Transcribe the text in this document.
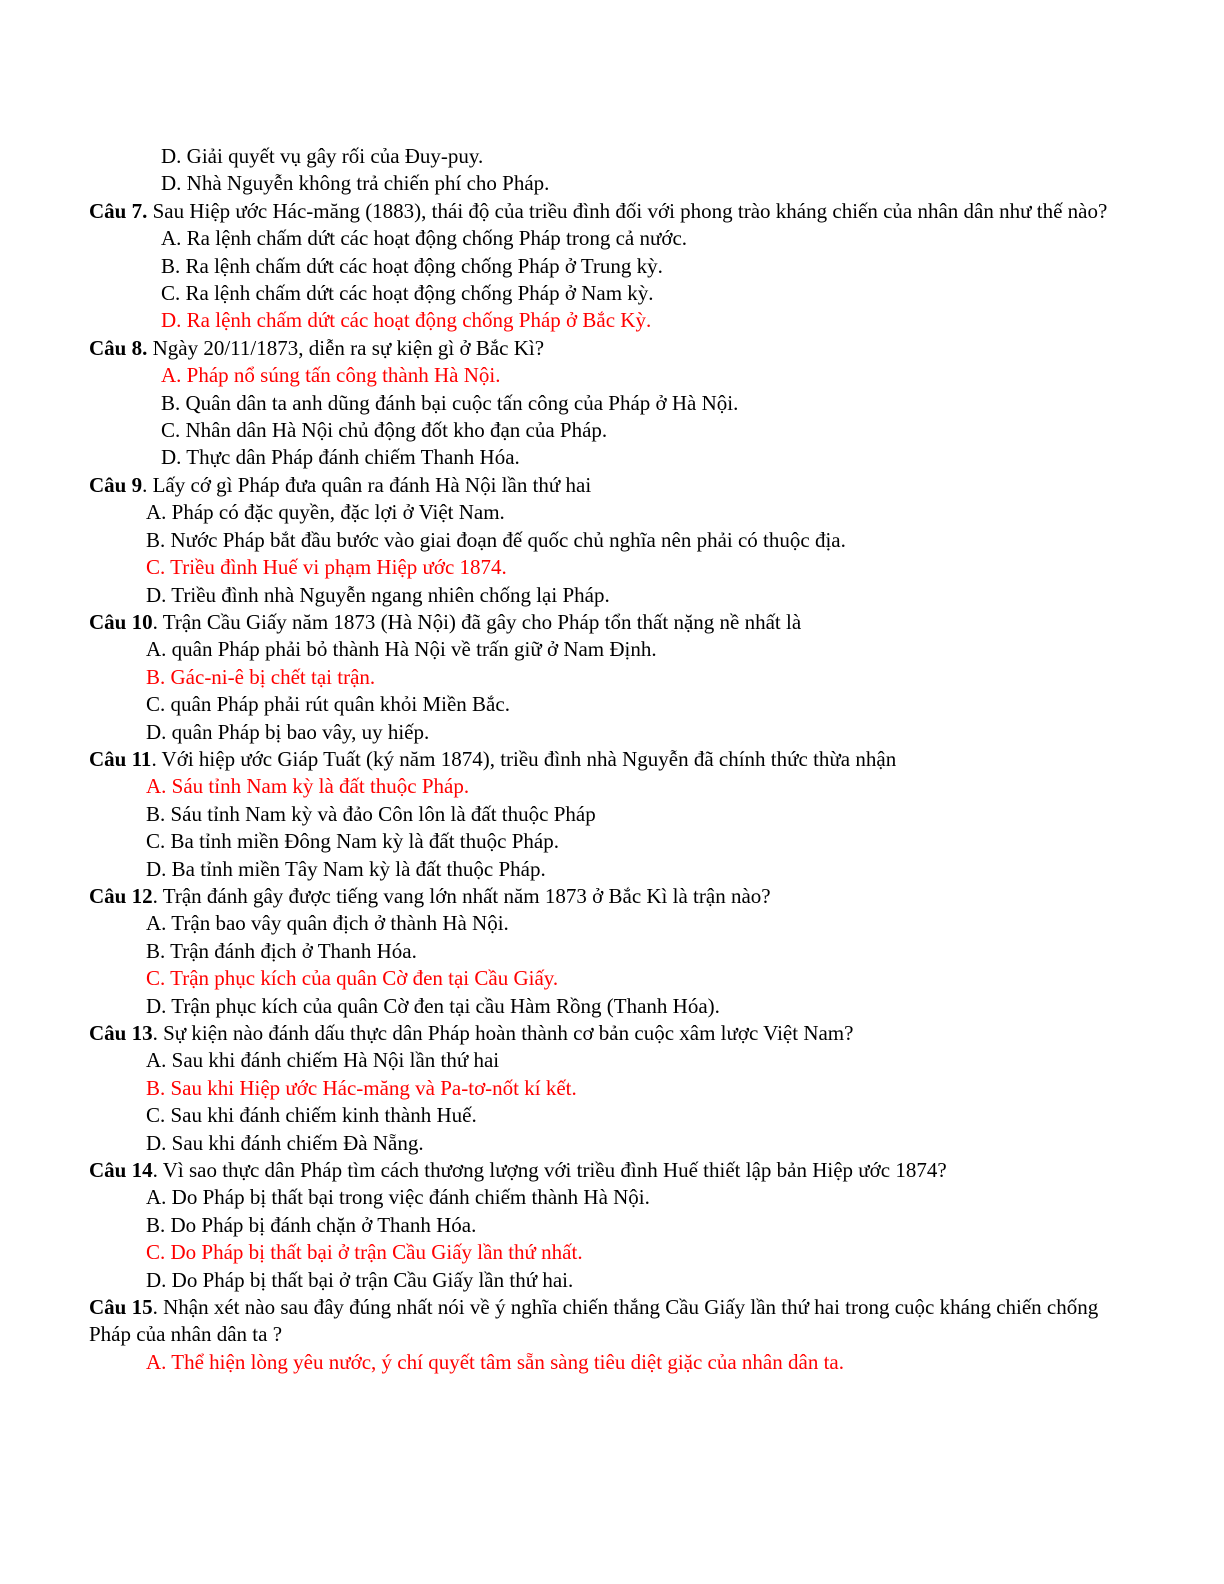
D. Giải quyết vụ gây rối của Đuy-puy.
D. Nhà Nguyễn không trả chiến phí cho Pháp.
Câu 7. Sau Hiệp ước Hác-măng (1883), thái độ của triều đình đối với phong trào kháng chiến của nhân dân như thế nào?
A. Ra lệnh chấm dứt các hoạt động chống Pháp trong cả nước.
B. Ra lệnh chấm dứt các hoạt động chống Pháp ở Trung kỳ.
C. Ra lệnh chấm dứt các hoạt động chống Pháp ở Nam kỳ.
D. Ra lệnh chấm dứt các hoạt động chống Pháp ở Bắc Kỳ.
Câu 8. Ngày 20/11/1873, diễn ra sự kiện gì ở Bắc Kì?
A. Pháp nổ súng tấn công thành Hà Nội.
B. Quân dân ta anh dũng đánh bại cuộc tấn công của Pháp ở Hà Nội.
C. Nhân dân Hà Nội chủ động đốt kho đạn của Pháp.
D. Thực dân Pháp đánh chiếm Thanh Hóa.
Câu 9. Lấy cớ gì Pháp đưa quân ra đánh Hà Nội lần thứ hai
A. Pháp có đặc quyền, đặc lợi ở Việt Nam.
B. Nước Pháp bắt đầu bước vào giai đoạn đế quốc chủ nghĩa nên phải có thuộc địa.
C. Triều đình Huế vi phạm Hiệp ước 1874.
D. Triều đình nhà Nguyễn ngang nhiên chống lại Pháp.
Câu 10. Trận Cầu Giấy năm 1873 (Hà Nội) đã gây cho Pháp tổn thất nặng nề nhất là
A. quân Pháp phải bỏ thành Hà Nội về trấn giữ ở Nam Định.
B. Gác-ni-ê bị chết tại trận.
C. quân Pháp phải rút quân khỏi Miền Bắc.
D. quân Pháp bị bao vây, uy hiếp.
Câu 11. Với hiệp ước Giáp Tuất (ký năm 1874), triều đình nhà Nguyễn đã chính thức thừa nhận
A. Sáu tỉnh Nam kỳ là đất thuộc Pháp.
B. Sáu tỉnh Nam kỳ và đảo Côn lôn là đất thuộc Pháp
C. Ba tỉnh miền Đông Nam kỳ là đất thuộc Pháp.
D. Ba tỉnh miền Tây Nam kỳ là đất thuộc Pháp.
Câu 12. Trận đánh gây được tiếng vang lớn nhất năm 1873 ở Bắc Kì là trận nào?
A. Trận bao vây quân địch ở thành Hà Nội.
B. Trận đánh địch ở Thanh Hóa.
C. Trận phục kích của quân Cờ đen tại Cầu Giấy.
D. Trận phục kích của quân Cờ đen tại cầu Hàm Rồng (Thanh Hóa).
Câu 13. Sự kiện nào đánh dấu thực dân Pháp hoàn thành cơ bản cuộc xâm lược Việt Nam?
A. Sau khi đánh chiếm Hà Nội lần thứ hai
B. Sau khi Hiệp ước Hác-măng và Pa-tơ-nốt kí kết.
C. Sau khi đánh chiếm kinh thành Huế.
D. Sau khi đánh chiếm Đà Nẵng.
Câu 14. Vì sao thực dân Pháp tìm cách thương lượng với triều đình Huế thiết lập bản Hiệp ước 1874?
A. Do Pháp bị thất bại trong việc đánh chiếm thành Hà Nội.
B. Do Pháp bị đánh chặn ở Thanh Hóa.
C. Do Pháp bị thất bại ở trận Cầu Giấy lần thứ nhất.
D. Do Pháp bị thất bại ở trận Cầu Giấy lần thứ hai.
Câu 15. Nhận xét nào sau đây đúng nhất nói về ý nghĩa chiến thắng Cầu Giấy lần thứ hai trong cuộc kháng chiến chống Pháp của nhân dân ta ?
A. Thể hiện lòng yêu nước, ý chí quyết tâm sẵn sàng tiêu diệt giặc của nhân dân ta.
